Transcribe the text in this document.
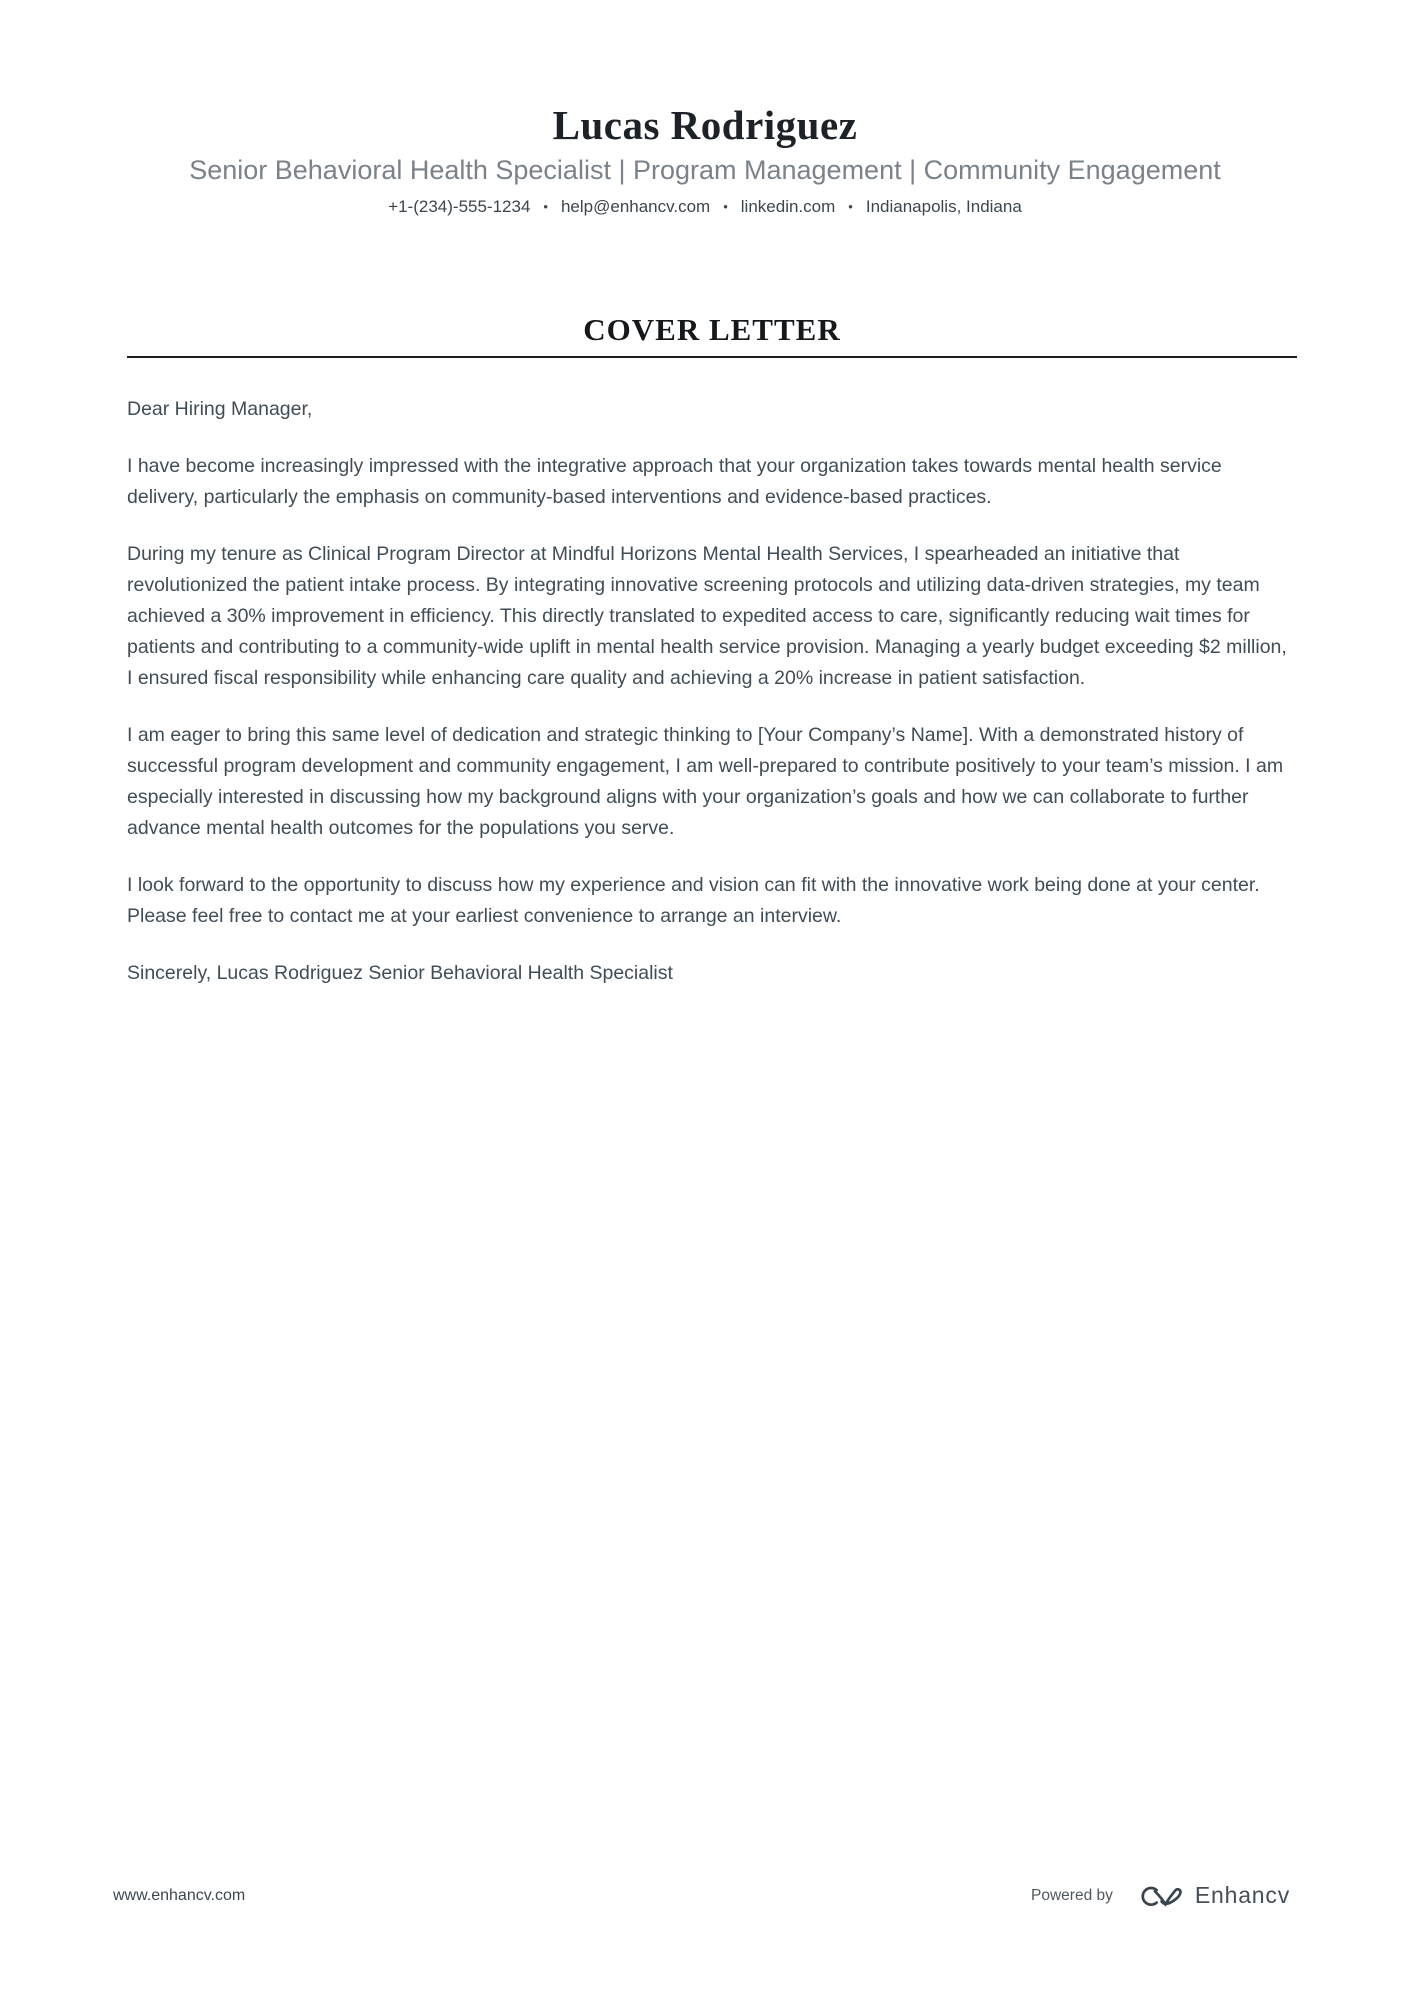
Lucas Rodriguez
Senior Behavioral Health Specialist | Program Management | Community Engagement
+1-(234)-555-1234 • help@enhancv.com • linkedin.com • Indianapolis, Indiana
COVER LETTER

Dear Hiring Manager,

I have become increasingly impressed with the integrative approach that your organization takes towards mental health service delivery, particularly the emphasis on community-based interventions and evidence-based practices.

During my tenure as Clinical Program Director at Mindful Horizons Mental Health Services, I spearheaded an initiative that revolutionized the patient intake process. By integrating innovative screening protocols and utilizing data-driven strategies, my team achieved a 30% improvement in efficiency. This directly translated to expedited access to care, significantly reducing wait times for patients and contributing to a community-wide uplift in mental health service provision. Managing a yearly budget exceeding $2 million, I ensured fiscal responsibility while enhancing care quality and achieving a 20% increase in patient satisfaction.

I am eager to bring this same level of dedication and strategic thinking to [Your Company’s Name]. With a demonstrated history of successful program development and community engagement, I am well-prepared to contribute positively to your team’s mission. I am especially interested in discussing how my background aligns with your organization’s goals and how we can collaborate to further advance mental health outcomes for the populations you serve.

I look forward to the opportunity to discuss how my experience and vision can fit with the innovative work being done at your center. Please feel free to contact me at your earliest convenience to arrange an interview.

Sincerely, Lucas Rodriguez Senior Behavioral Health Specialist

www.enhancv.com	Powered by	Enhancv
